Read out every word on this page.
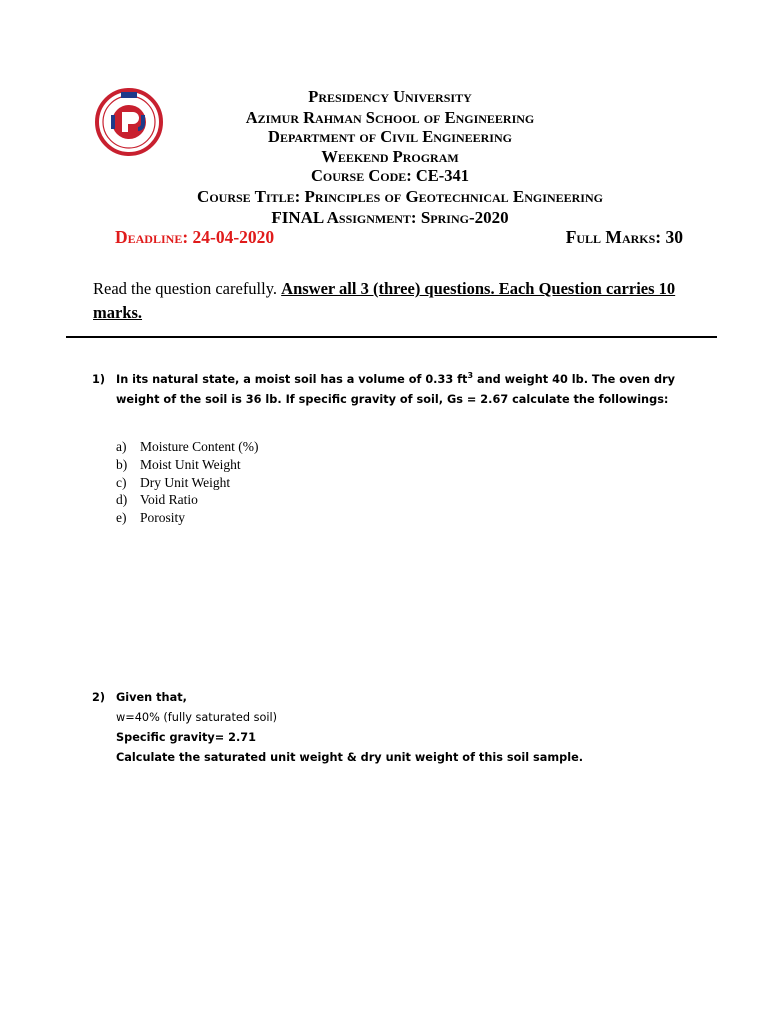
Presidency University
Azimur Rahman School of Engineering
Department of Civil Engineering
Weekend Program
Course Code: CE-341
Course Title: Principles of Geotechnical Engineering
FINAL Assignment: Spring-2020
Deadline: 24-04-2020	Full Marks: 30
Read the question carefully. Answer all 3 (three) questions. Each Question carries 10 marks.
1) In its natural state, a moist soil has a volume of 0.33 $ft^3$ and weight 40 lb. The oven dry weight of the soil is 36 lb. If specific gravity of soil, Gs = 2.67 calculate the followings:
a)	Moisture Content (%)
b) Moist Unit Weight
c)	Dry Unit Weight
d) Void Ratio
e)	Porosity
2) Given that,
w=40% (fully saturated soil)
Specific gravity= 2.71
Calculate the saturated unit weight & dry unit weight of this soil sample.
